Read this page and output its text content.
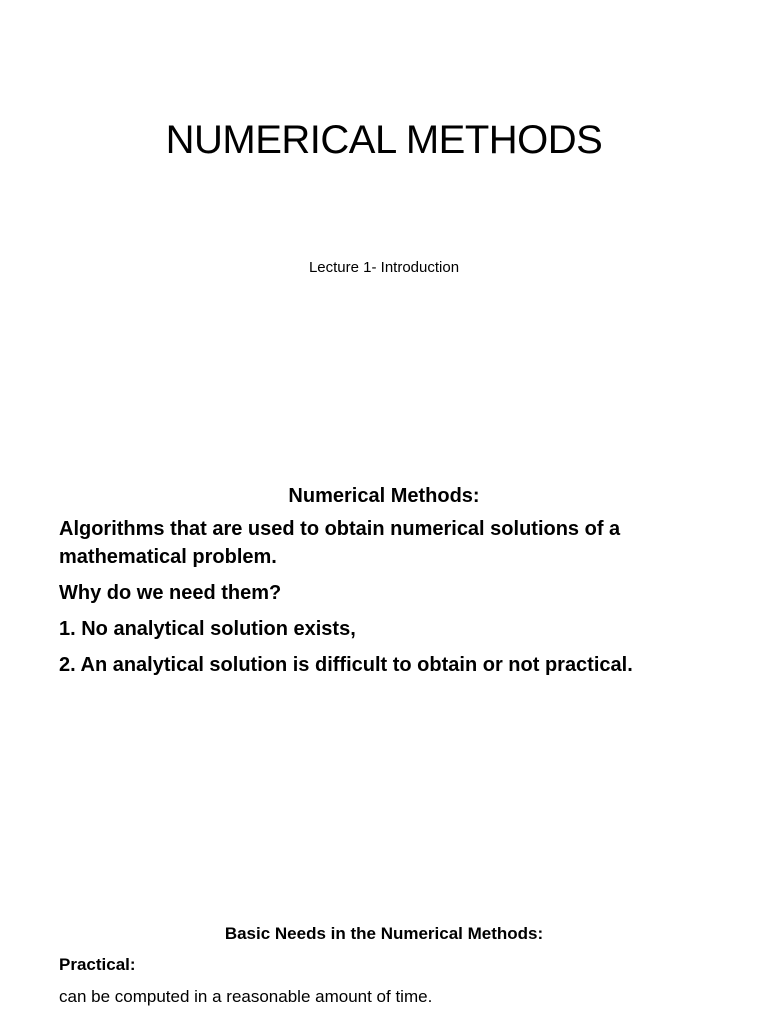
NUMERICAL METHODS
Lecture 1- Introduction
Numerical Methods:

Algorithms that are used to obtain numerical solutions of a mathematical problem.

Why do we need them?

1. No analytical solution exists,

2. An analytical solution is difficult to obtain or not practical.

Basic Needs in the Numerical Methods:
Practical:
can be computed in a reasonable amount of time.
